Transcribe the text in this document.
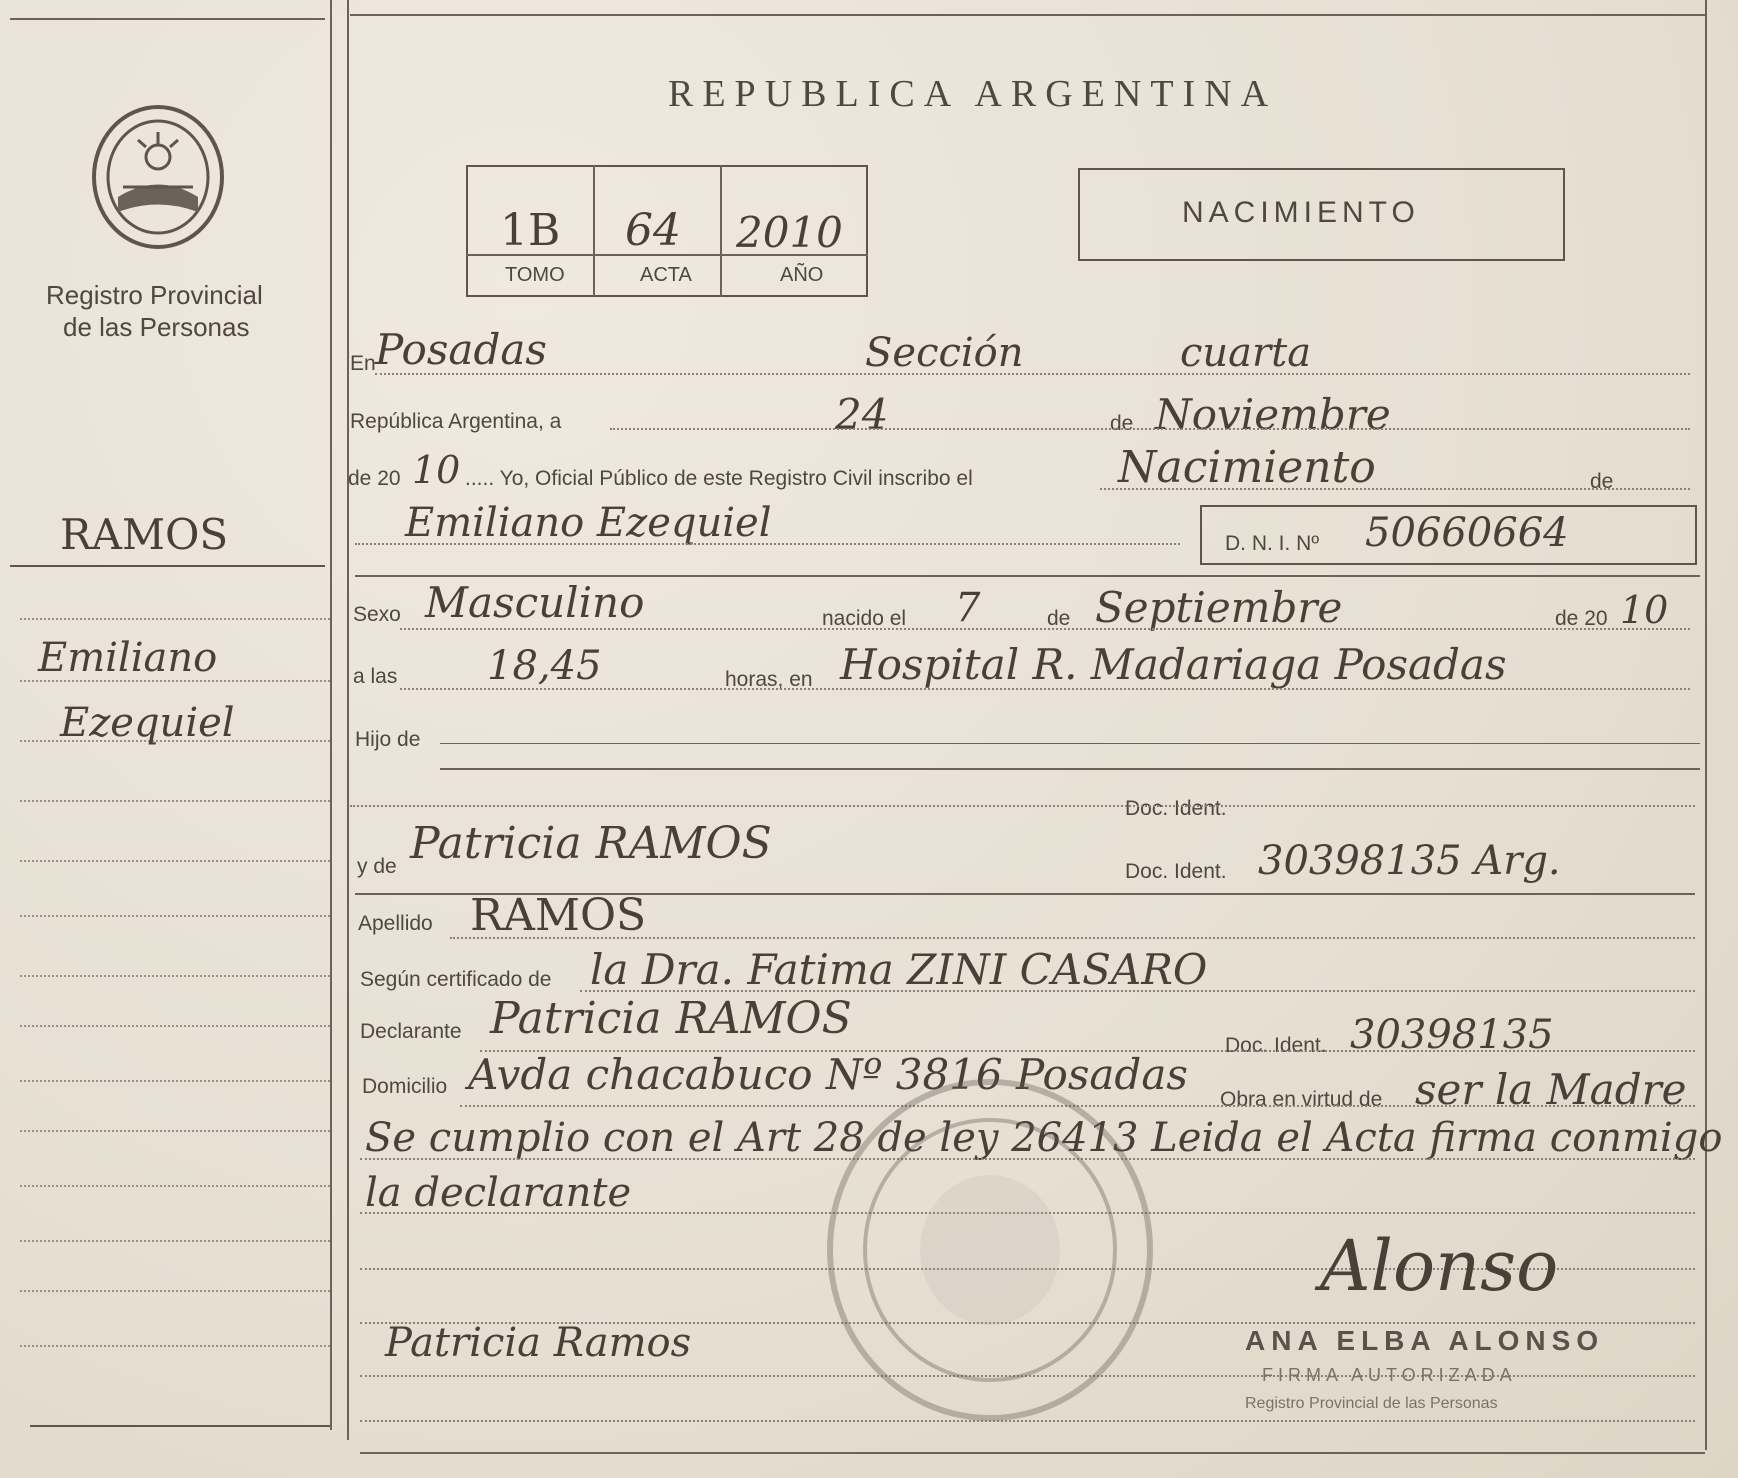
Registro Provincial
de las Personas
RAMOS
Emiliano
Ezequiel
Patricia Ramos
REPUBLICA ARGENTINA
1B 64 2010
TOMO	ACTA	AÑO
NACIMIENTO
En Posadas	Sección	cuarta
República Argentina, a	24	de Noviembre
de 20 10 ..... Yo, Oficial Público de este Registro Civil inscribo el	Nacimiento	de
Emiliano Ezequiel	D. N. I. Nº 50660664
Sexo Masculino	nacido el 7	de Septiembre	de 20 10
a las 18,45	horas, en Hospital R. Madariaga Posadas
Hijo de
Doc. Ident.
y de Patricia RAMOS
Doc. Ident. 30398135 Arg.
Apellido RAMOS
Según certificado de la Dra. Fatima ZINI CASARO
Declarante Patricia RAMOS
Doc. Ident. 30398135
Domicilio Avda chacabuco Nº 3816 Posadas
Obra en virtud de ser la Madre
Se cumplio con el Art 28 de ley 26413 Leida el Acta firma conmigo
la declarante
Alonso
ANA ELBA ALONSO
FIRMA AUTORIZADA
Registro Provincial de las Personas
